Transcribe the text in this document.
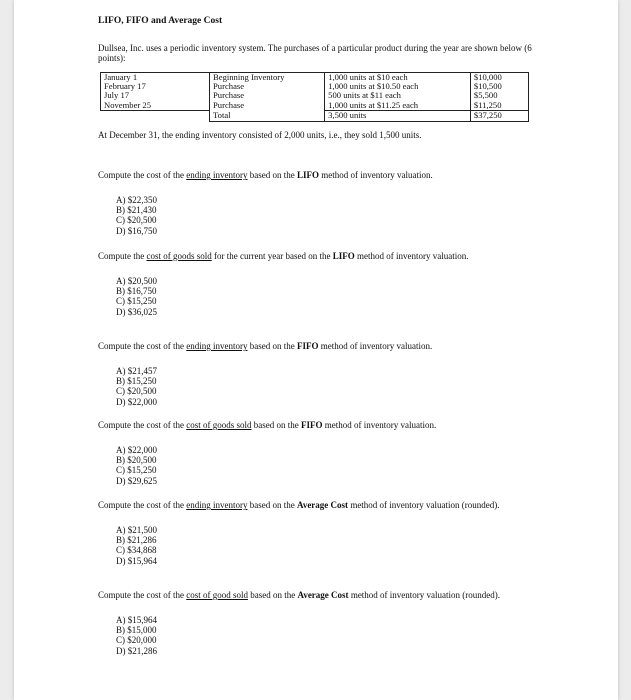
LIFO, FIFO and Average Cost
Dullsea, Inc. uses a periodic inventory system. The purchases of a particular product during the year are shown below (6 points):
January 1	Beginning Inventory	1,000 units at $10 each	$10,000
February 17	Purchase	1,000 units at $10.50 each	$10,500
July 17	Purchase	500 units at $11 each	$5,500
November 25	Purchase	1,000 units at $11.25 each	$11,250
	Total	3,500 units	$37,250
At December 31, the ending inventory consisted of 2,000 units, i.e., they sold 1,500 units.
Compute the cost of the ending inventory based on the LIFO method of inventory valuation.
A) $22,350
B) $21,430
C) $20,500
D) $16,750
Compute the cost of goods sold for the current year based on the LIFO method of inventory valuation.
A) $20,500
B) $16,750
C) $15,250
D) $36,025
Compute the cost of the ending inventory based on the FIFO method of inventory valuation.
A) $21,457
B) $15,250
C) $20,500
D) $22,000
Compute the cost of the cost of goods sold based on the FIFO method of inventory valuation.
A) $22,000
B) $20,500
C) $15,250
D) $29,625
Compute the cost of the ending inventory based on the Average Cost method of inventory valuation (rounded).
A) $21,500
B) $21,286
C) $34,868
D) $15,964
Compute the cost of the cost of good sold based on the Average Cost method of inventory valuation (rounded).
A) $15,964
B) $15,000
C) $20,000
D) $21,286
